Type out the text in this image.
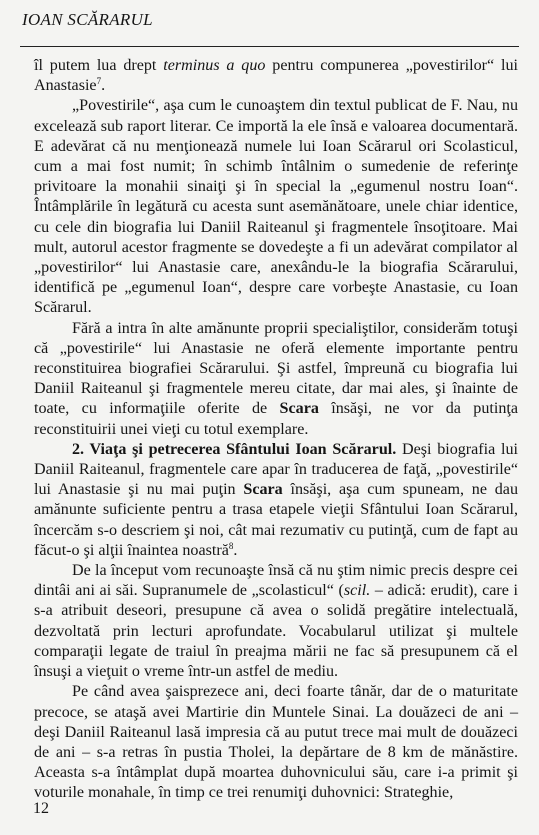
IOAN SCĂRARUL

îl putem lua drept terminus a quo pentru compunerea „povestirilor“ lui Anastasie$^7$.

„Povestirile“, aşa cum le cunoaştem din textul publicat de F. Nau, nu excelează sub raport literar. Ce importă la ele însă e valoarea documentară. E adevărat că nu menţionează numele lui Ioan Scărarul ori Scolasticul, cum a mai fost numit; în schimb întâlnim o sumedenie de referinţe privitoare la monahii sinaiţi şi în special la „egumenul nostru Ioan“. Întâmplările în legătură cu acesta sunt asemănătoare, unele chiar identice, cu cele din biografia lui Daniil Raiteanul şi fragmentele însoţitoare. Mai mult, autorul acestor fragmente se dovedeşte a fi un adevărat compilator al „povestirilor“ lui Anastasie care, anexându-le la biografia Scărarului, identifică pe „egumenul Ioan“, despre care vorbeşte Anastasie, cu Ioan Scărarul.

Fără a intra în alte amănunte proprii specialiştilor, considerăm totuşi că „povestirile“ lui Anastasie ne oferă elemente importante pentru reconstituirea biografiei Scărarului. Şi astfel, împreună cu biografia lui Daniil Raiteanul şi fragmentele mereu citate, dar mai ales, şi înainte de toate, cu informaţiile oferite de Scara însăşi, ne vor da putinţa reconstituirii unei vieţi cu totul exemplare.

2. Viaţa şi petrecerea Sfântului Ioan Scărarul. Deşi biografia lui Daniil Raiteanul, fragmentele care apar în traducerea de faţă, „povestirile“ lui Anastasie şi nu mai puţin Scara însăşi, aşa cum spuneam, ne dau amănunte suficiente pentru a trasa etapele vieţii Sfântului Ioan Scărarul, încercăm s-o descriem şi noi, cât mai rezumativ cu putinţă, cum de fapt au făcut-o şi alţii înaintea noastră$^8$.

De la început vom recunoaşte însă că nu ştim nimic precis despre cei dintâi ani ai săi. Supranumele de „scolasticul“ (scil. – adică: erudit), care i s-a atribuit deseori, presupune că avea o solidă pregătire intelectuală, dezvoltată prin lecturi aprofundate. Vocabularul utilizat şi multele comparaţii legate de traiul în preajma mării ne fac să presupunem că el însuşi a vieţuit o vreme într-un astfel de mediu.

Pe când avea şaisprezece ani, deci foarte tânăr, dar de o maturitate precoce, se ataşă avei Martirie din Muntele Sinai. La douăzeci de ani – deşi Daniil Raiteanul lasă impresia că au putut trece mai mult de douăzeci de ani – s-a retras în pustia Tholei, la depărtare de 8 km de mănăstire. Aceasta s-a întâmplat după moartea duhovnicului său, care i-a primit şi voturile monahale, în timp ce trei renumiţi duhovnici: Strateghie,

12
